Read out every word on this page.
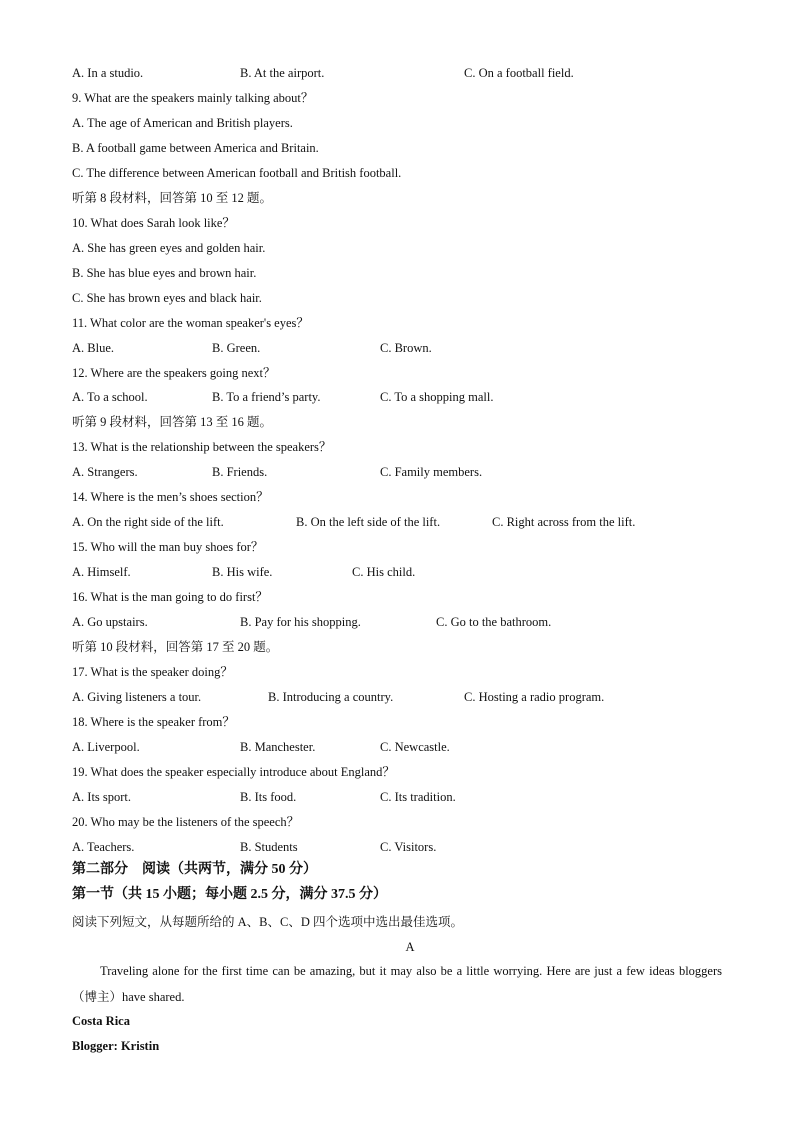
A. In a studio.	B. At the airport.	C. On a football field.
9. What are the speakers mainly talking about？
A. The age of American and British players.
B. A football game between America and Britain.
C. The difference between American football and British football.
听第 8 段材料，回答第 10 至 12 题。
10. What does Sarah look like？
A. She has green eyes and golden hair.
B. She has blue eyes and brown hair.
C. She has brown eyes and black hair.
11. What color are the woman speaker's eyes？
A. Blue.	B. Green.	C. Brown.
12. Where are the speakers going next？
A. To a school.	B. To a friend’s party.	C. To a shopping mall.
听第 9 段材料，回答第 13 至 16 题。
13. What is the relationship between the speakers？
A. Strangers.	B. Friends.	C. Family members.
14. Where is the men’s shoes section？
A. On the right side of the lift.	B. On the left side of the lift.	C. Right across from the lift.
15. Who will the man buy shoes for？
A. Himself.	B. His wife.	C. His child.
16. What is the man going to do first？
A. Go upstairs.	B. Pay for his shopping.	C. Go to the bathroom.
听第 10 段材料，回答第 17 至 20 题。
17. What is the speaker doing？
A. Giving listeners a tour.	B. Introducing a country.	C. Hosting a radio program.
18. Where is the speaker from？
A. Liverpool.	B. Manchester.	C. Newcastle.
19. What does the speaker especially introduce about England？
A. Its sport.	B. Its food.	C. Its tradition.
20. Who may be the listeners of the speech？
A. Teachers.	B. Students	C. Visitors.
第二部分　阅读（共两节，满分 50 分）
第一节（共 15 小题；每小题 2.5 分，满分 37.5 分）
阅读下列短文，从每题所给的 A、B、C、D 四个选项中选出最佳选项。
A
Traveling alone for the first time can be amazing, but it may also be a little worrying. Here are just a few ideas bloggers （博主）have shared.
Costa Rica
Blogger: Kristin
